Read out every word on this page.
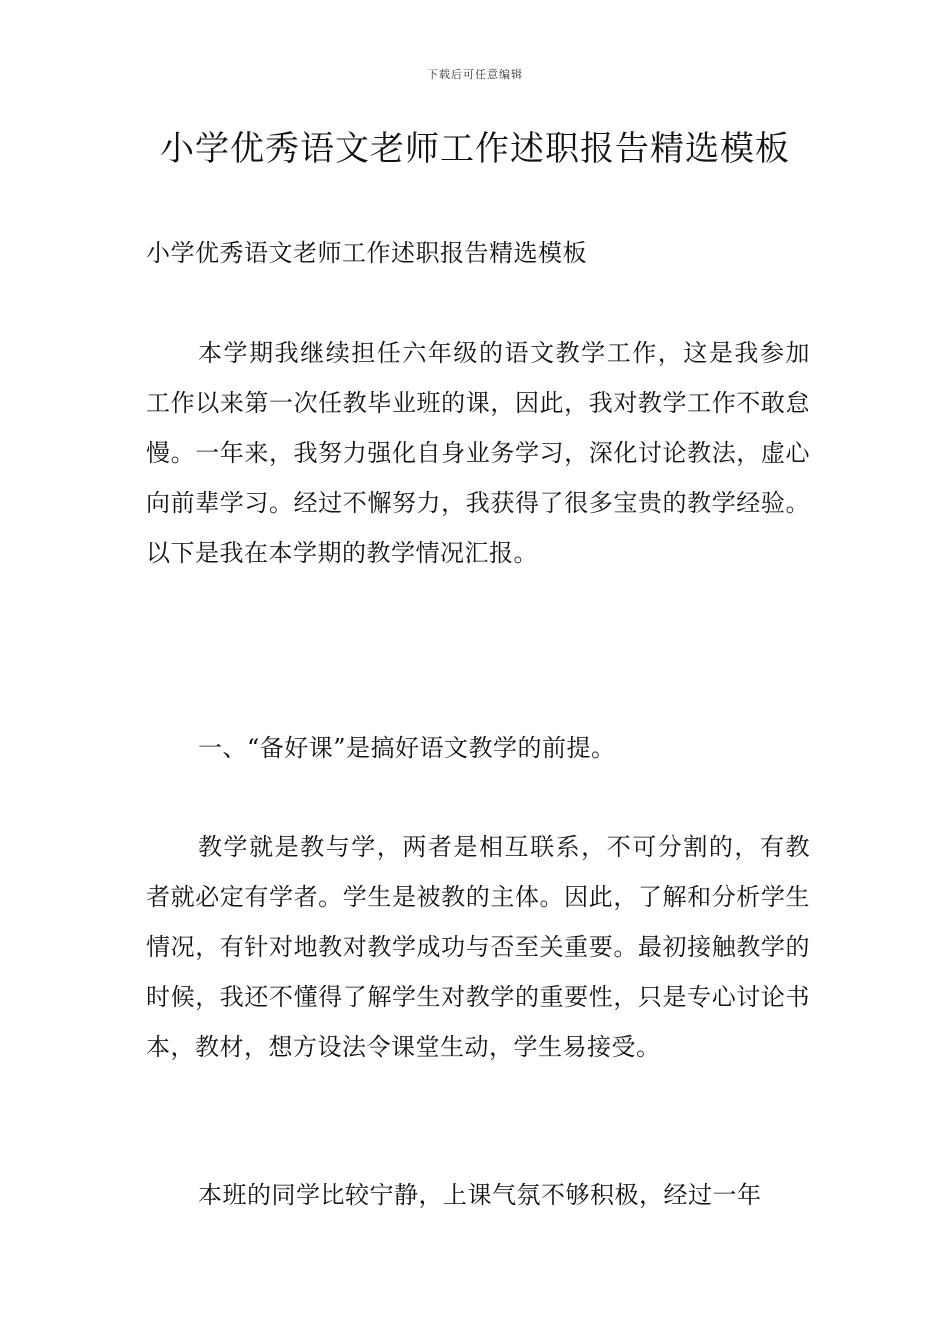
下载后可任意编辑
小学优秀语文老师工作述职报告精选模板

小学优秀语文老师工作述职报告精选模板

本学期我继续担任六年级的语文教学工作，这是我参加工作以来第一次任教毕业班的课，因此，我对教学工作不敢怠慢。一年来，我努力强化自身业务学习，深化讨论教法，虚心向前辈学习。经过不懈努力，我获得了很多宝贵的教学经验。以下是我在本学期的教学情况汇报。

一、“备好课”是搞好语文教学的前提。

教学就是教与学，两者是相互联系，不可分割的，有教者就必定有学者。学生是被教的主体。因此，了解和分析学生情况，有针对地教对教学成功与否至关重要。最初接触教学的时候，我还不懂得了解学生对教学的重要性，只是专心讨论书本，教材，想方设法令课堂生动，学生易接受。

本班的同学比较宁静，上课气氛不够积极，经过一年
